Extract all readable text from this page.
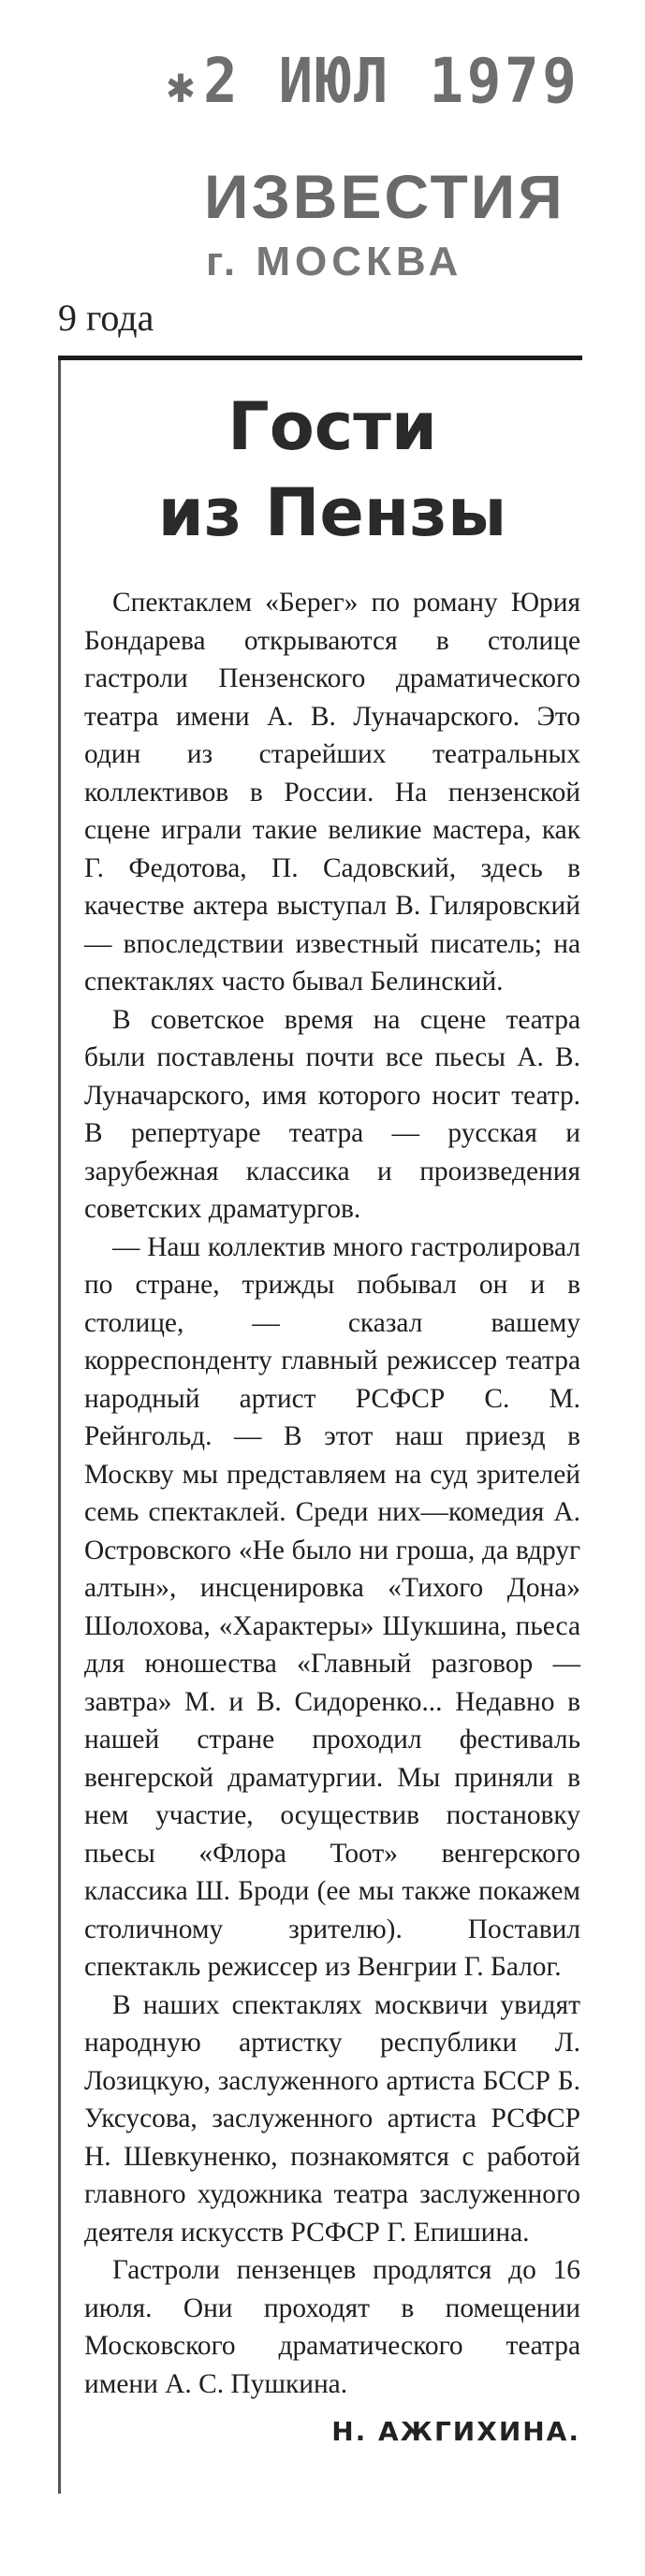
✱2 ИЮЛ 1979
ИЗВЕСТИЯ
г. МОСКВА
9 года
Гости
из Пензы

Спектаклем «Берег» по роману Юрия Бондарева открываются в столице гастроли Пензенского драматического театра имени А. В. Луначарского. Это один из старейших театральных коллективов в России. На пензенской сцене играли такие великие мастера, как Г. Федотова, П. Садовский, здесь в качестве актера выступал В. Гиляровский — впоследствии известный писатель; на спектаклях часто бывал Белинский.

В советское время на сцене театра были поставлены почти все пьесы А. В. Луначарского, имя которого носит театр. В репертуаре театра — русская и зарубежная классика и произведения советских драматургов.

— Наш коллектив много гастролировал по стране, трижды побывал он и в столице, — сказал вашему корреспонденту главный режиссер театра народный артист РСФСР С. М. Рейнгольд. — В этот наш приезд в Москву мы представляем на суд зрителей семь спектаклей. Среди них—комедия А. Островского «Не было ни гроша, да вдруг алтын», инсценировка «Тихого Дона» Шолохова, «Характеры» Шукшина, пьеса для юношества «Главный разговор — завтра» М. и В. Сидоренко... Недавно в нашей стране проходил фестиваль венгерской драматургии. Мы приняли в нем участие, осуществив постановку пьесы «Флора Тоот» венгерского классика Ш. Броди (ее мы также покажем столичному зрителю). Поставил спектакль режиссер из Венгрии Г. Балог.

В наших спектаклях москвичи увидят народную артистку республики Л. Лозицкую, заслуженного артиста БССР Б. Уксусова, заслуженного артиста РСФСР Н. Шевкуненко, познакомятся с работой главного художника театра заслуженного деятеля искусств РСФСР Г. Епишина.

Гастроли пензенцев продлятся до 16 июля. Они проходят в помещении Московского драматического театра имени А. С. Пушкина.

Н. АЖГИХИНА.
